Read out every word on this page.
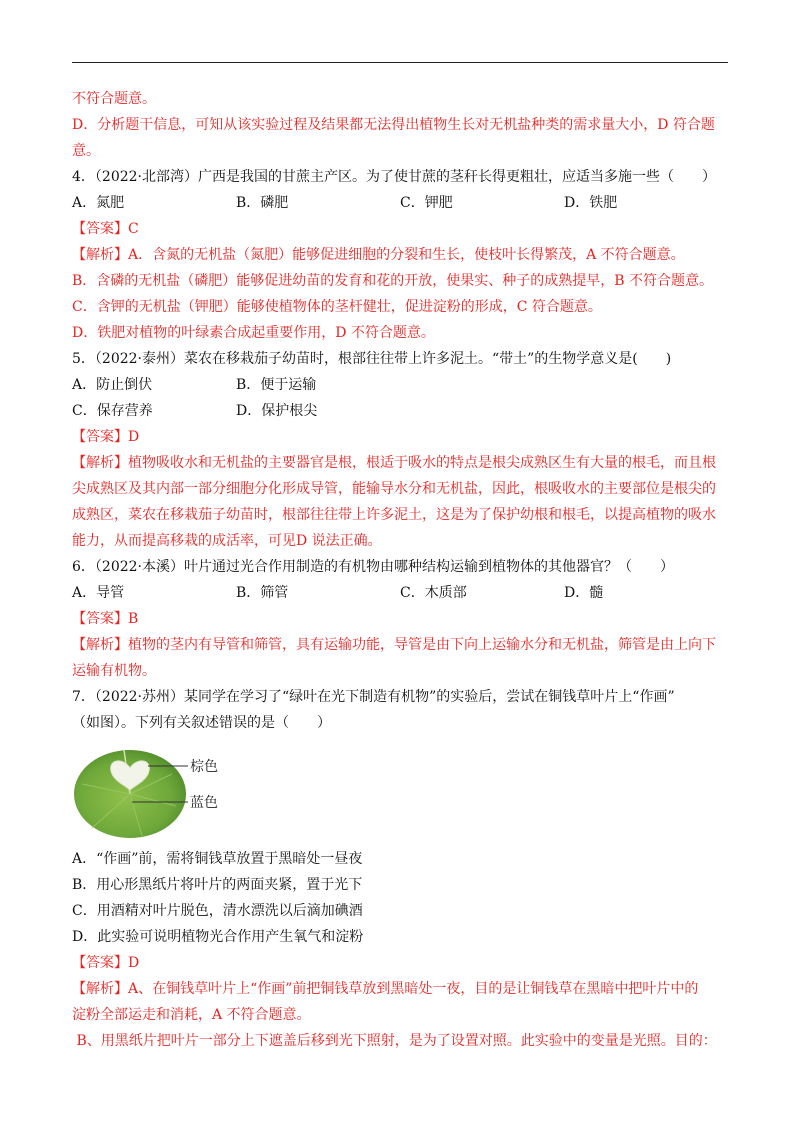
不符合题意。
D．分析题干信息，可知从该实验过程及结果都无法得出植物生长对无机盐种类的需求量大小，D 符合题
意。
4．（2022·北部湾）广西是我国的甘蔗主产区。为了使甘蔗的茎秆长得更粗壮，应适当多施一些（　　）
A．氮肥	B．磷肥	C．钾肥	D．铁肥
【答案】C
【解析】A．含氮的无机盐（氮肥）能够促进细胞的分裂和生长，使枝叶长得繁茂，A 不符合题意。
B．含磷的无机盐（磷肥）能够促进幼苗的发育和花的开放，使果实、种子的成熟提早，B 不符合题意。
C．含钾的无机盐（钾肥）能够使植物体的茎杆健壮，促进淀粉的形成，C 符合题意。
D．铁肥对植物的叶绿素合成起重要作用，D 不符合题意。
5．（2022·泰州）菜农在移栽茄子幼苗时，根部往往带上许多泥土。“带土”的生物学意义是(　　)
A．防止倒伏	B．便于运输
C．保存营养	D．保护根尖
【答案】D
【解析】植物吸收水和无机盐的主要器官是根，根适于吸水的特点是根尖成熟区生有大量的根毛，而且根
尖成熟区及其内部一部分细胞分化形成导管，能输导水分和无机盐，因此，根吸收水的主要部位是根尖的
成熟区，菜农在移栽茄子幼苗时，根部往往带上许多泥土，这是为了保护幼根和根毛，以提高植物的吸水
能力，从而提高移栽的成活率，可见D 说法正确。
6．（2022·本溪）叶片通过光合作用制造的有机物由哪种结构运输到植物体的其他器官？（　　）
A．导管	B．筛管	C．木质部	D．髓
【答案】B
【解析】植物的茎内有导管和筛管，具有运输功能，导管是由下向上运输水分和无机盐，筛管是由上向下
运输有机物。
7．（2022·苏州）某同学在学习了“绿叶在光下制造有机物”的实验后，尝试在铜钱草叶片上“作画”
（如图）。下列有关叙述错误的是（　　）
棕色
蓝色
A．“作画”前，需将铜钱草放置于黑暗处一昼夜
B．用心形黑纸片将叶片的两面夹紧，置于光下
C．用酒精对叶片脱色，清水漂洗以后滴加碘酒
D．此实验可说明植物光合作用产生氧气和淀粉
【答案】D
【解析】A、在铜钱草叶片上“作画”前把铜钱草放到黑暗处一夜，目的是让铜钱草在黑暗中把叶片中的
淀粉全部运走和消耗，A 不符合题意。
B、用黑纸片把叶片一部分上下遮盖后移到光下照射，是为了设置对照。此实验中的变量是光照。目的：
